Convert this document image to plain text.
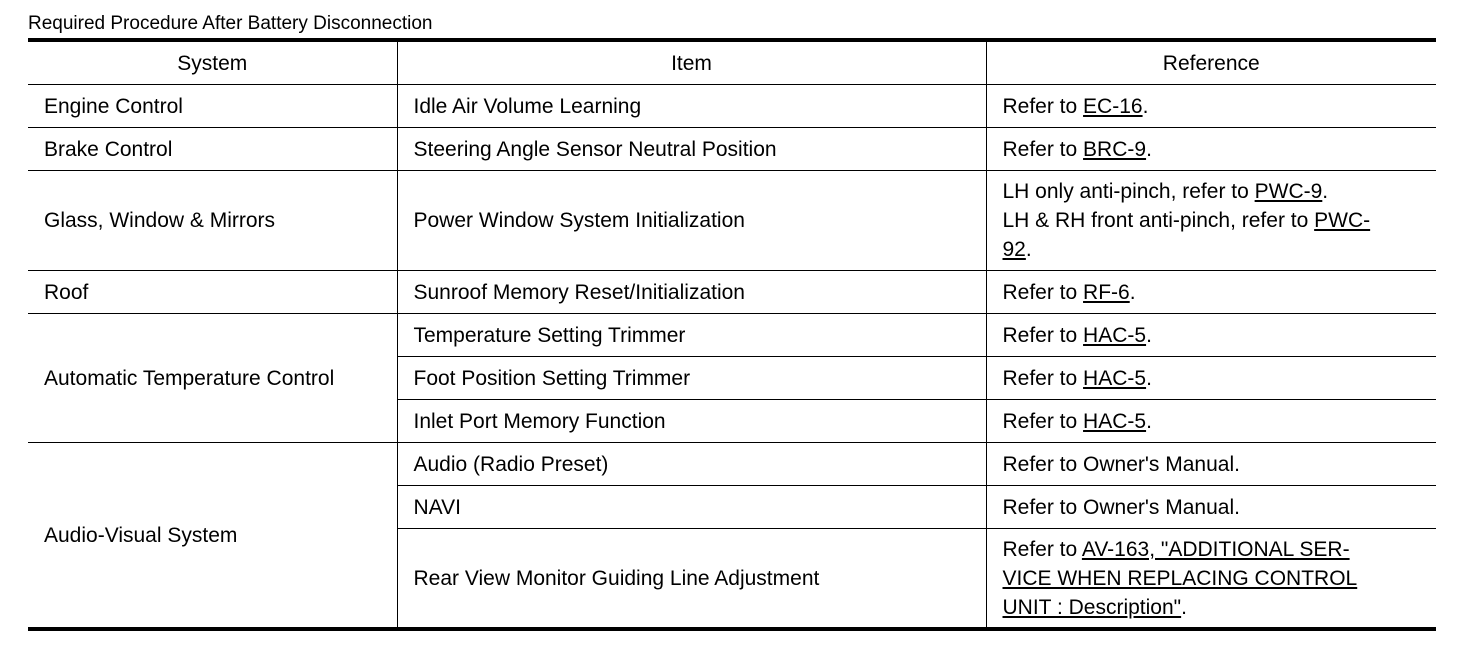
Required Procedure After Battery Disconnection
System	Item	Reference
Engine Control	Idle Air Volume Learning	Refer to EC-16.
Brake Control	Steering Angle Sensor Neutral Position	Refer to BRC-9.
Glass, Window & Mirrors	Power Window System Initialization	LH only anti-pinch, refer to PWC-9.
LH & RH front anti-pinch, refer to PWC-
92.

Roof	Sunroof Memory Reset/Initialization	Refer to RF-6.
Automatic Temperature Control	Temperature Setting Trimmer	Refer to HAC-5.
	Foot Position Setting Trimmer	Refer to HAC-5.
	Inlet Port Memory Function	Refer to HAC-5.
Audio-Visual System	Audio (Radio Preset)	Refer to Owner's Manual.
	NAVI	Refer to Owner's Manual.
	Rear View Monitor Guiding Line Adjustment	Refer to AV-163, "ADDITIONAL SER-
VICE WHEN REPLACING CONTROL
UNIT : Description".
